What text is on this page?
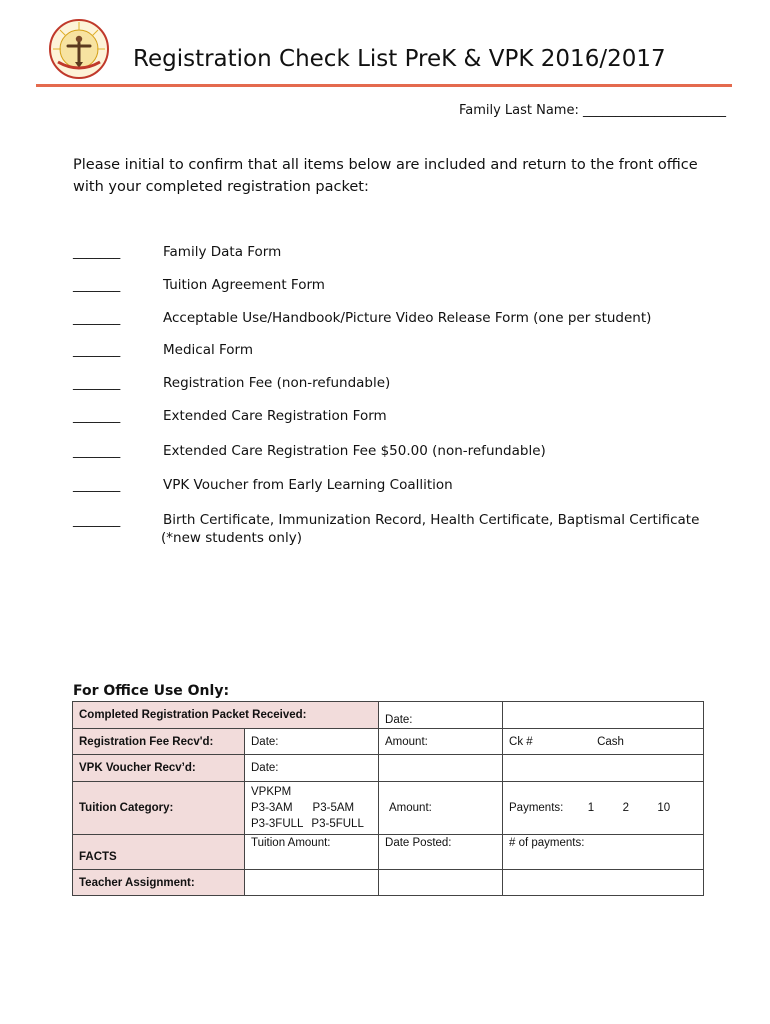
Registration Check List PreK & VPK 2016/2017
Family Last Name: ______________________
Please initial to confirm that all items below are included and return to the front office with your completed registration packet:
_______	Family Data Form
_______	Tuition Agreement Form
_______	Acceptable Use/Handbook/Picture Video Release Form (one per student)
_______	Medical Form
_______	Registration Fee (non-refundable)
_______	Extended Care Registration Form
_______	Extended Care Registration Fee $50.00 (non-refundable)
_______	VPK Voucher from Early Learning Coallition
_______	Birth Certificate, Immunization Record, Health Certificate, Baptismal Certificate
(*new students only)
For Office Use Only:
Completed Registration Packet Received:		Date:	
Registration Fee Recv'd:	Date:	Amount:	Ck # Cash
VPK Voucher Recv’d:	Date:		
Tuition Category:	VPKPM
P3-3AM P3-5AM
P3-3FULL P3-5FULL	Amount:	Payments: 1 2 10
FACTS	Tuition Amount:	Date Posted:	# of payments:
Teacher Assignment:			
